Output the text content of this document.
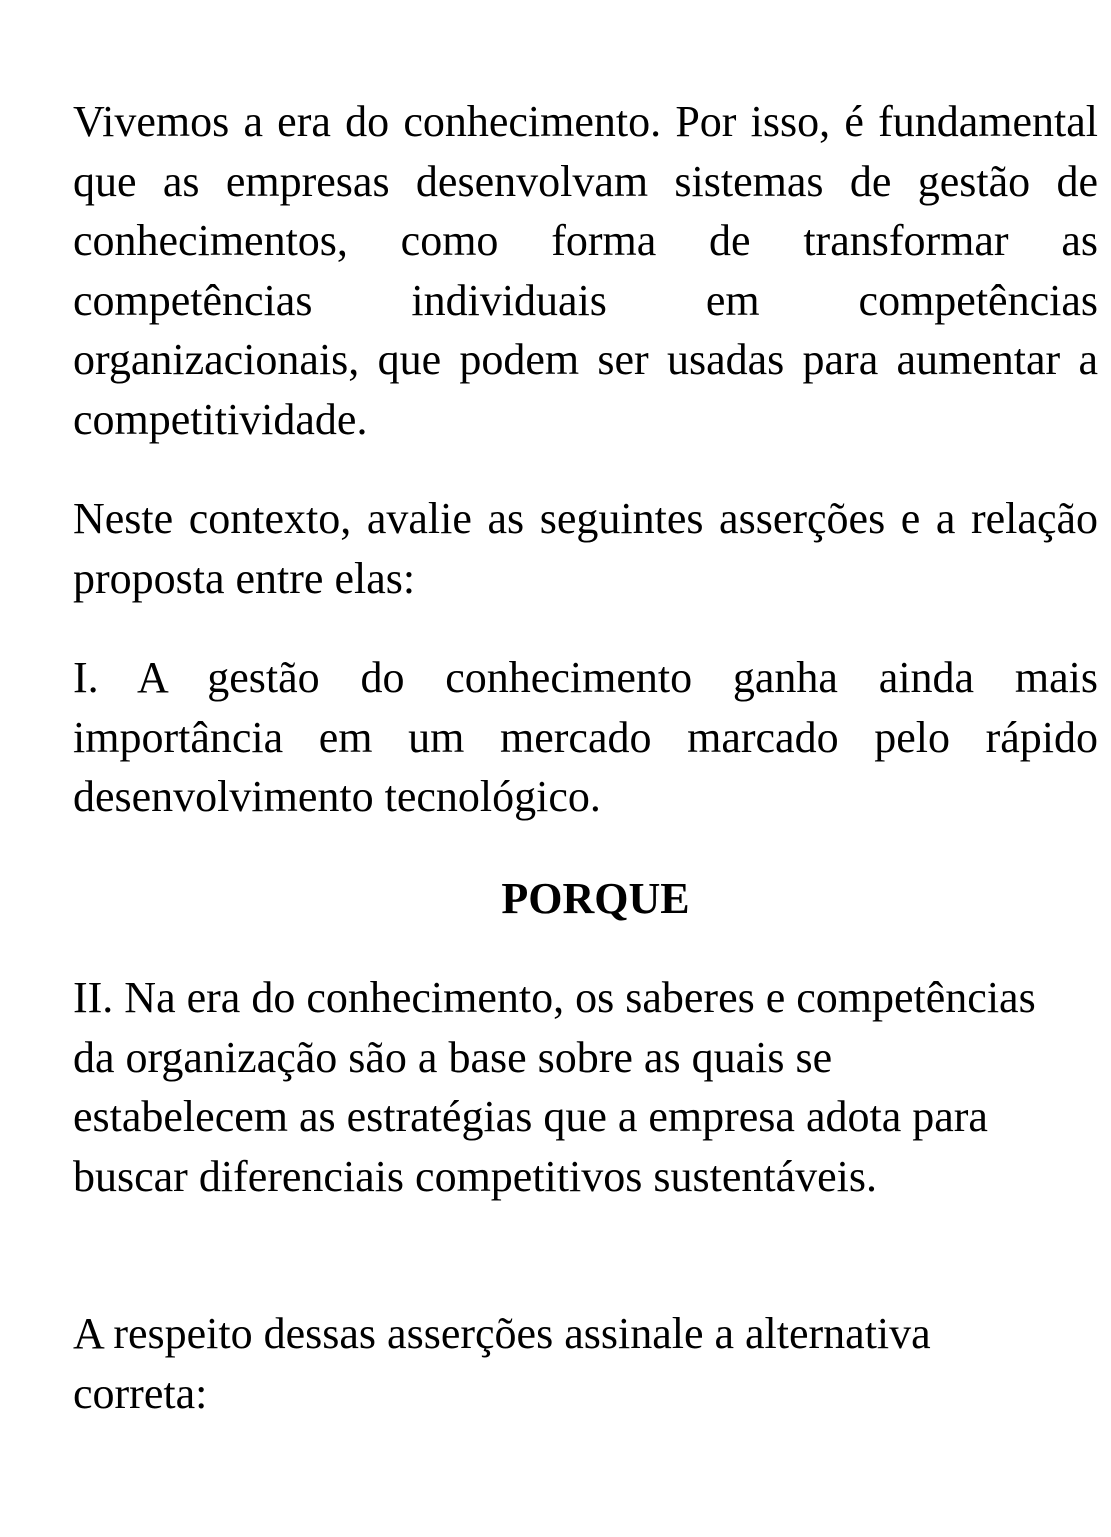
Vivemos a era do conhecimento. Por isso, é fundamental que as empresas desenvolvam sistemas de gestão de conhecimentos, como forma de transformar as competências individuais em competências organizacionais, que podem ser usadas para aumentar a competitividade.

Neste contexto, avalie as seguintes asserções e a relação proposta entre elas:

I. A gestão do conhecimento ganha ainda mais importância em um mercado marcado pelo rápido desenvolvimento tecnológico.

PORQUE

II. Na era do conhecimento, os saberes e competências da organização são a base sobre as quais se estabelecem as estratégias que a empresa adota para buscar diferenciais competitivos sustentáveis.

A respeito dessas asserções assinale a alternativa correta:
